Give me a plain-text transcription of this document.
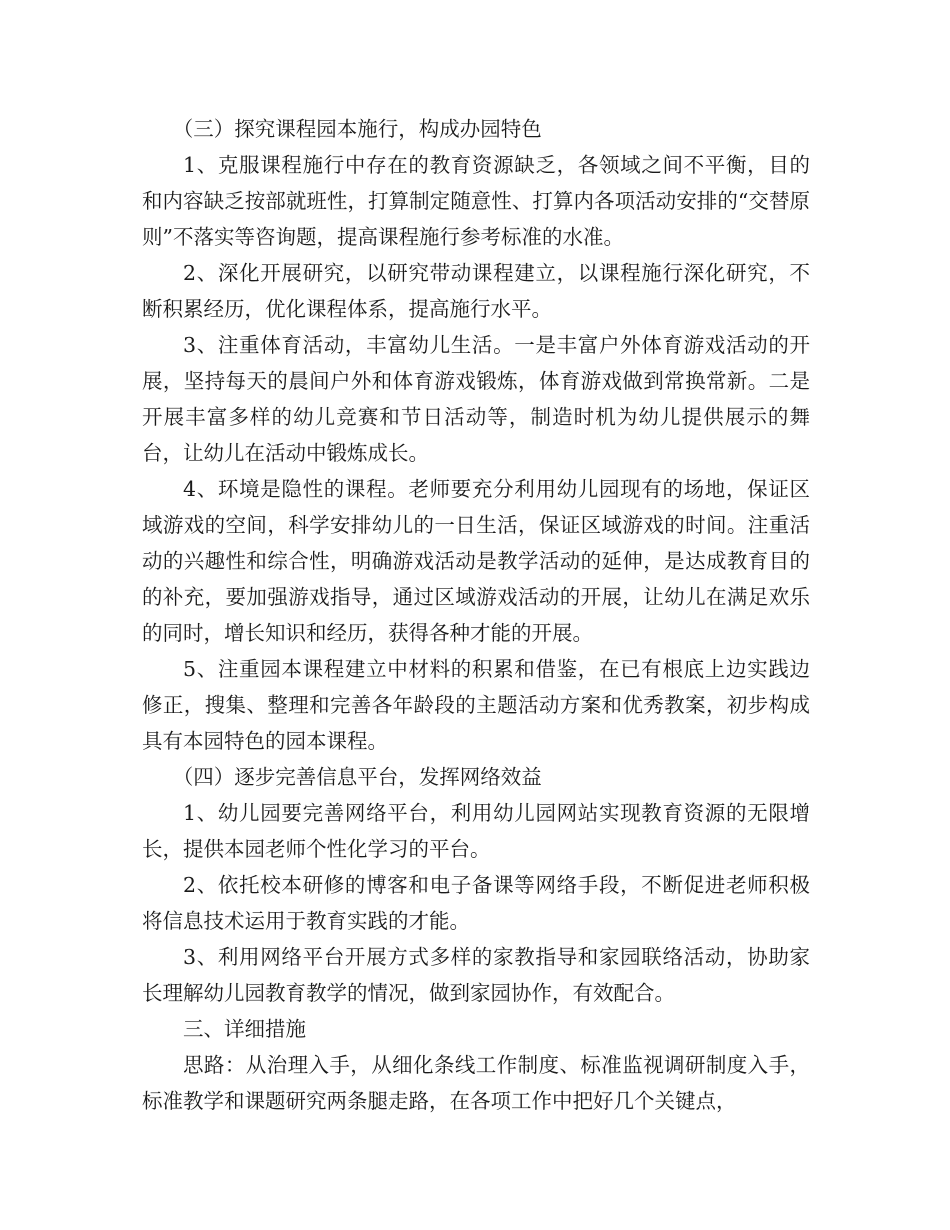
（三）探究课程园本施行，构成办园特色

1、克服课程施行中存在的教育资源缺乏，各领域之间不平衡，目的和内容缺乏按部就班性，打算制定随意性、打算内各项活动安排的“交替原则”不落实等咨询题，提高课程施行参考标准的水准。

2、深化开展研究，以研究带动课程建立，以课程施行深化研究，不断积累经历，优化课程体系，提高施行水平。

3、注重体育活动，丰富幼儿生活。一是丰富户外体育游戏活动的开展，坚持每天的晨间户外和体育游戏锻炼，体育游戏做到常换常新。二是开展丰富多样的幼儿竞赛和节日活动等，制造时机为幼儿提供展示的舞台，让幼儿在活动中锻炼成长。

4、环境是隐性的课程。老师要充分利用幼儿园现有的场地，保证区域游戏的空间，科学安排幼儿的一日生活，保证区域游戏的时间。注重活动的兴趣性和综合性，明确游戏活动是教学活动的延伸，是达成教育目的的补充，要加强游戏指导，通过区域游戏活动的开展，让幼儿在满足欢乐的同时，增长知识和经历，获得各种才能的开展。

5、注重园本课程建立中材料的积累和借鉴，在已有根底上边实践边修正，搜集、整理和完善各年龄段的主题活动方案和优秀教案，初步构成具有本园特色的园本课程。

（四）逐步完善信息平台，发挥网络效益

1、幼儿园要完善网络平台，利用幼儿园网站实现教育资源的无限增长，提供本园老师个性化学习的平台。

2、依托校本研修的博客和电子备课等网络手段，不断促进老师积极将信息技术运用于教育实践的才能。

3、利用网络平台开展方式多样的家教指导和家园联络活动，协助家长理解幼儿园教育教学的情况，做到家园协作，有效配合。

三、详细措施

思路：从治理入手，从细化条线工作制度、标准监视调研制度入手，标准教学和课题研究两条腿走路，在各项工作中把好几个关键点，
